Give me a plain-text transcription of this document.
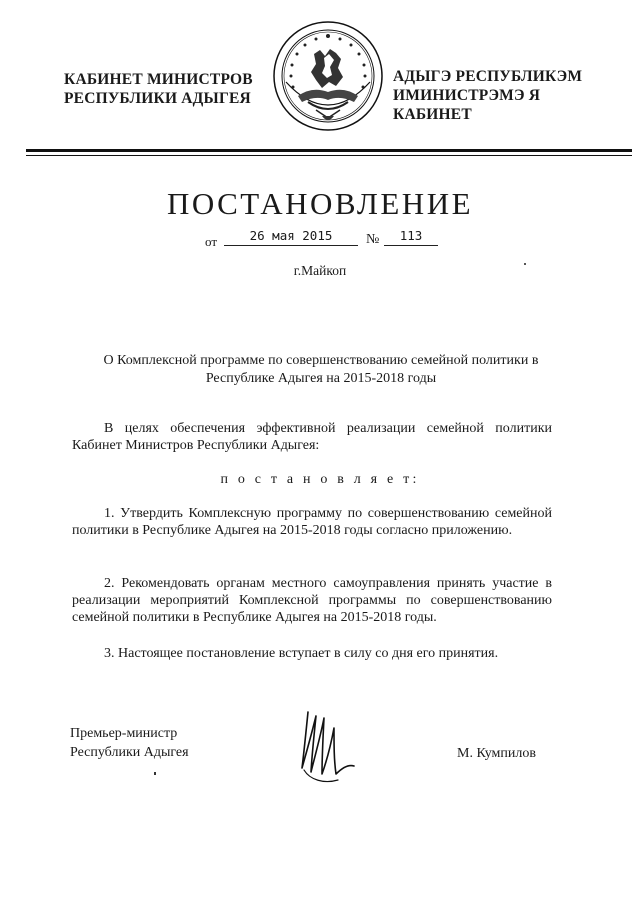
КАБИНЕТ МИНИСТРОВ
РЕСПУБЛИКИ АДЫГЕЯ
АДЫГЭ РЕСПУБЛИКЭМ
ИМИНИСТРЭМЭ Я КАБИНЕТ
ПОСТАНОВЛЕНИЕ
от	26 мая 2015	№	113
г.Майкоп
О Комплексной программе по совершенствованию семейной политики в
Республике Адыгея на 2015-2018 годы
В целях обеспечения эффективной реализации семейной политики Кабинет Министров Республики Адыгея:
п о с т а н о в л я е т:
1. Утвердить Комплексную программу по совершенствованию семейной политики в Республике Адыгея на 2015-2018 годы согласно приложению.
2. Рекомендовать органам местного самоуправления принять участие в реализации мероприятий Комплексной программы по совершенствованию семейной политики в Республике Адыгея на 2015-2018 годы.
3. Настоящее постановление вступает в силу со дня его принятия.
Премьер-министр
Республики Адыгея	М. Кумпилов
